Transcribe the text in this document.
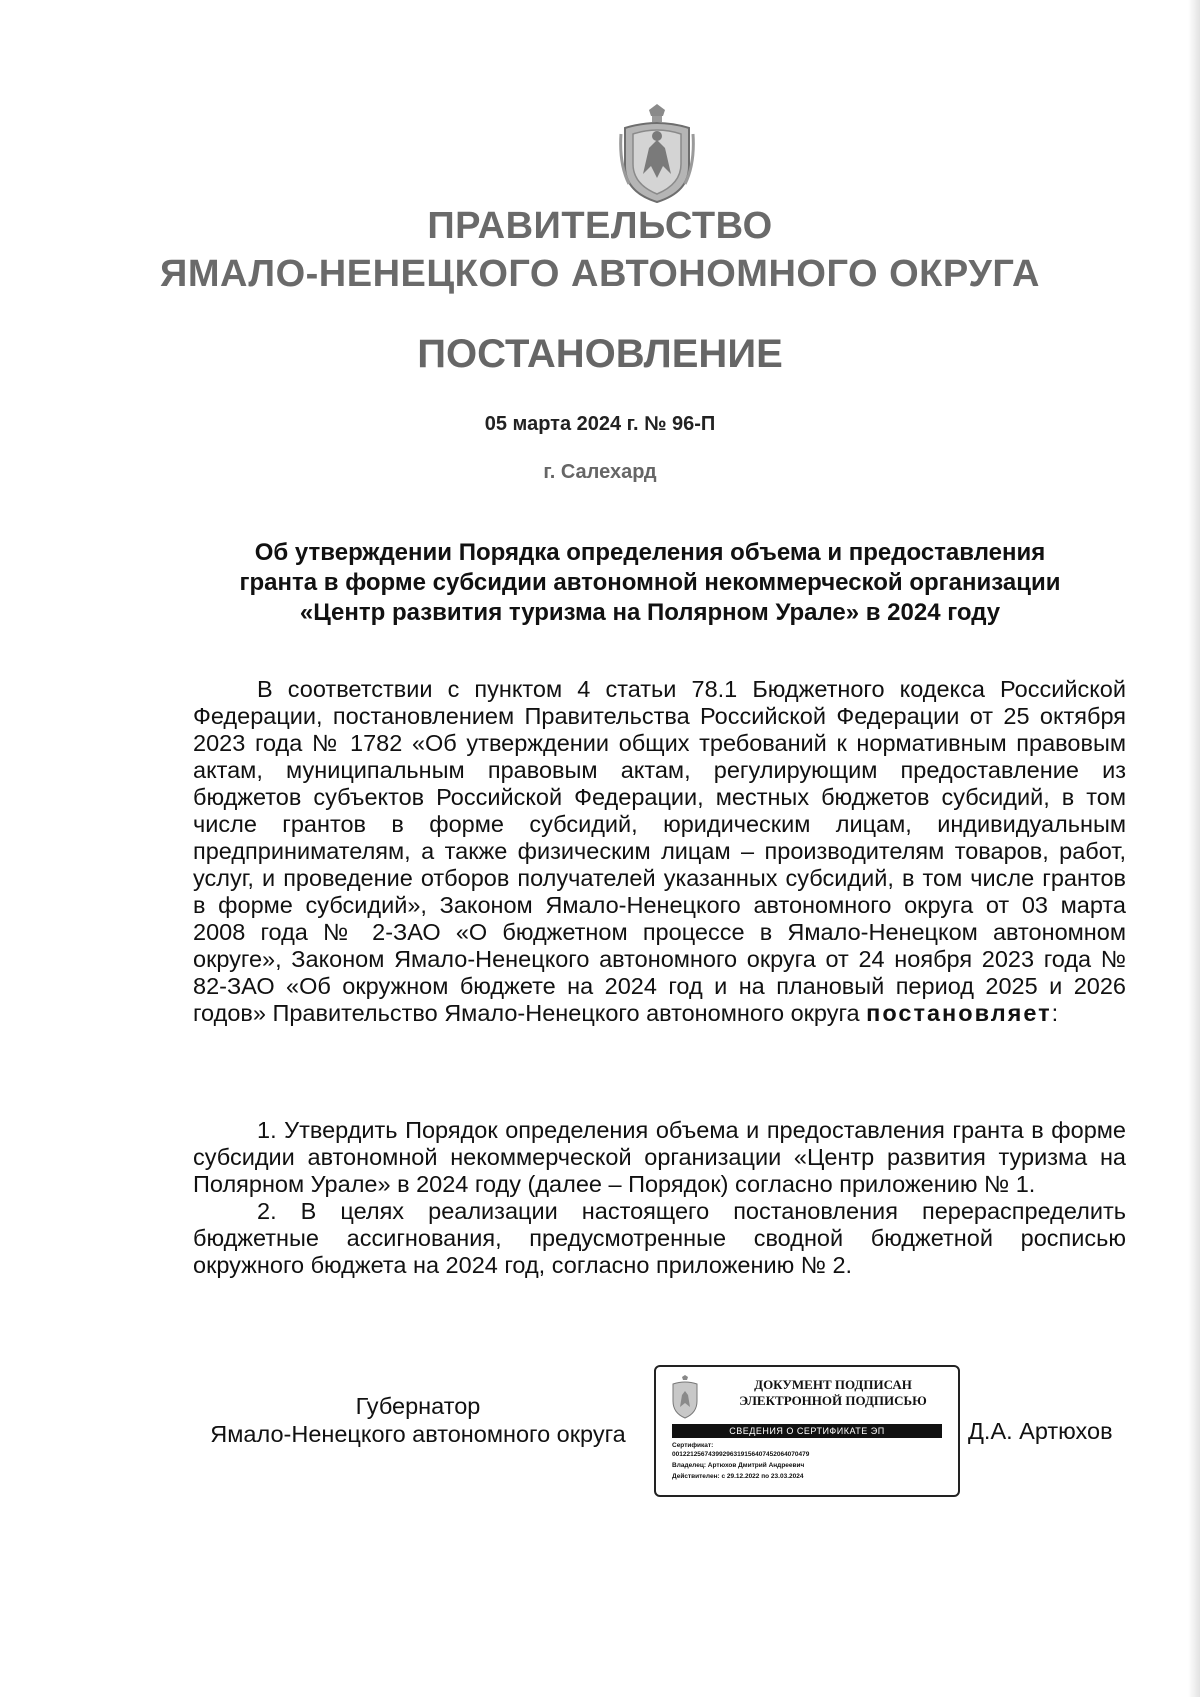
ПРАВИТЕЛЬСТВО
ЯМАЛО-НЕНЕЦКОГО АВТОНОМНОГО ОКРУГА
ПОСТАНОВЛЕНИЕ
05 марта 2024 г. № 96-П
г. Салехард
Об утверждении Порядка определения объема и предоставления
гранта в форме субсидии автономной некоммерческой организации
«Центр развития туризма на Полярном Урале» в 2024 году

В соответствии с пунктом 4 статьи 78.1 Бюджетного кодекса Российской Федерации, постановлением Правительства Российской Федерации от 25 октября 2023 года № 1782 «Об утверждении общих требований к нормативным правовым актам, муниципальным правовым актам, регулирующим предоставление из бюджетов субъектов Российской Федерации, местных бюджетов субсидий, в том числе грантов в форме субсидий, юридическим лицам, индивидуальным предпринимателям, а также физическим лицам – производителям товаров, работ, услуг, и проведение отборов получателей указанных субсидий, в том числе грантов в форме субсидий», Законом Ямало-Ненецкого автономного округа от 03 марта 2008 года № 2-ЗАО «О бюджетном процессе в Ямало-Ненецком автономном округе», Законом Ямало-Ненецкого автономного округа от 24 ноября 2023 года № 82-ЗАО «Об окружном бюджете на 2024 год и на плановый период 2025 и 2026 годов» Правительство Ямало-Ненецкого автономного округа постановляет:

1. Утвердить Порядок определения объема и предоставления гранта в форме субсидии автономной некоммерческой организации «Центр развития туризма на Полярном Урале» в 2024 году (далее – Порядок) согласно приложению № 1.

2. В целях реализации настоящего постановления перераспределить бюджетные ассигнования, предусмотренные сводной бюджетной росписью окружного бюджета на 2024 год, согласно приложению № 2.

Губернатор
Ямало-Ненецкого автономного округа
ДОКУМЕНТ ПОДПИСАН
ЭЛЕКТРОННОЙ ПОДПИСЬЮ
СВЕДЕНИЯ О СЕРТИФИКАТЕ ЭП
Сертификат:
00122125674399296319156407452064070479
Владелец: Артюхов Дмитрий Андреевич
Действителен: с 29.12.2022 по 23.03.2024
Д.А. Артюхов
